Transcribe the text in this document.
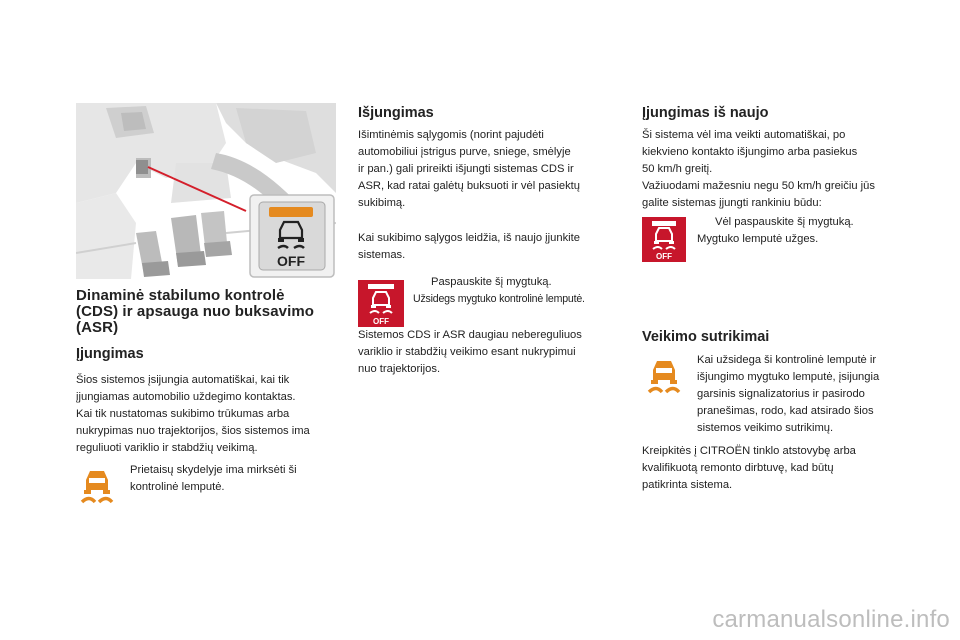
OFF
Dinaminė stabilumo kontrolė
(CDS) ir apsauga nuo buksavimo
(ASR)
Įjungimas

Šios sistemos įsijungia automatiškai, kai tik

įjungiamas automobilio uždegimo kontaktas.

Kai tik nustatomas sukibimo trūkumas arba

nukrypimas nuo trajektorijos, šios sistemos ima

reguliuoti variklio ir stabdžių veikimą.

Prietaisų skydelyje ima mirksėti ši

kontrolinė lemputė.

Išjungimas

Išimtinėmis sąlygomis (norint pajudėti

automobiliui įstrigus purve, sniege, smėlyje

ir pan.) gali prireikti išjungti sistemas CDS ir

ASR, kad ratai galėtų buksuoti ir vėl pasiektų

sukibimą.

Kai sukibimo sąlygos leidžia, iš naujo įjunkite

sistemas.

OFF

Paspauskite šį mygtuką.

Užsidegs mygtuko kontrolinė lemputė.

Sistemos CDS ir ASR daugiau nebereguliuos

variklio ir stabdžių veikimo esant nukrypimui

nuo trajektorijos.

Įjungimas iš naujo

Ši sistema vėl ima veikti automatiškai, po

kiekvieno kontakto išjungimo arba pasiekus

50 km/h greitį.

Važiuodami mažesniu negu 50 km/h greičiu jūs

galite sistemas įjungti rankiniu būdu:

OFF

Vėl paspauskite šį mygtuką.

Mygtuko lemputė užges.

Veikimo sutrikimai

Kai užsidega ši kontrolinė lemputė ir

išjungimo mygtuko lemputė, įsijungia

garsinis signalizatorius ir pasirodo

pranešimas, rodo, kad atsirado šios

sistemos veikimo sutrikimų.

Kreipkitės į CITROËN tinklo atstovybę arba

kvalifikuotą remonto dirbtuvę, kad būtų

patikrinta sistema.

carmanualsonline.info
